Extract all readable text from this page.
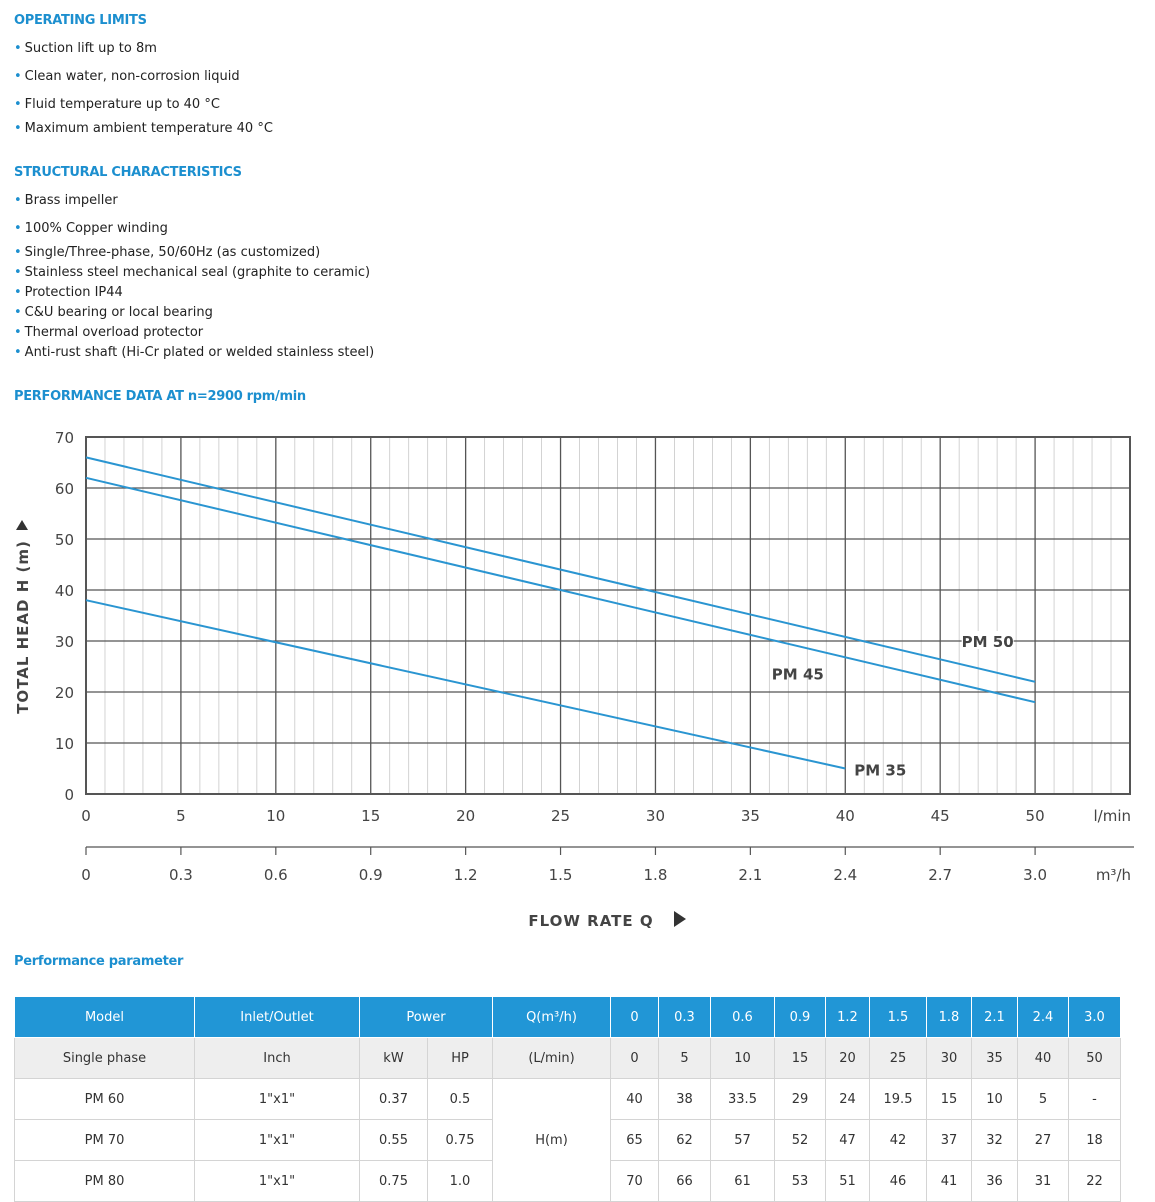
OPERATING LIMITS
• Suction lift up to 8m
• Clean water, non-corrosion liquid
• Fluid temperature up to 40 °C
• Maximum ambient temperature 40 °C
STRUCTURAL CHARACTERISTICS
• Brass impeller
• 100% Copper winding
• Single/Three-phase, 50/60Hz (as customized)
• Stainless steel mechanical seal (graphite to ceramic)
• Protection IP44
• C&U bearing or local bearing
• Thermal overload protector
• Anti-rust shaft (Hi-Cr plated or welded stainless steel)
PERFORMANCE DATA AT n=2900 rpm/min
PM 50
PM 45
PM 35
0
10
20
30
40
50
60
70
0	5	10	15	20	25	30	35	40	45	50
0	0.3	0.6	0.9	1.2	1.5	1.8	2.1	2.4	2.7	3.0
l/min
m³/h
TOTAL HEAD H (m)
FLOW RATE Q
Performance parameter
Model	Inlet/Outlet	Power		Q(m³/h)	0	0.3	0.6	0.9	1.2	1.5	1.8	2.1	2.4	3.0
Single phase	Inch	kW	HP	(L/min)	0	5	10	15	20	25	30	35	40	50
PM 60	1"x1"	0.37	0.5	H(m)	40	38	33.5	29	24	19.5	15	10	5	-
PM 70	1"x1"	0.55	0.75		65	62	57	52	47	42	37	32	27	18
PM 80	1"x1"	0.75	1.0		70	66	61	53	51	46	41	36	31	22
